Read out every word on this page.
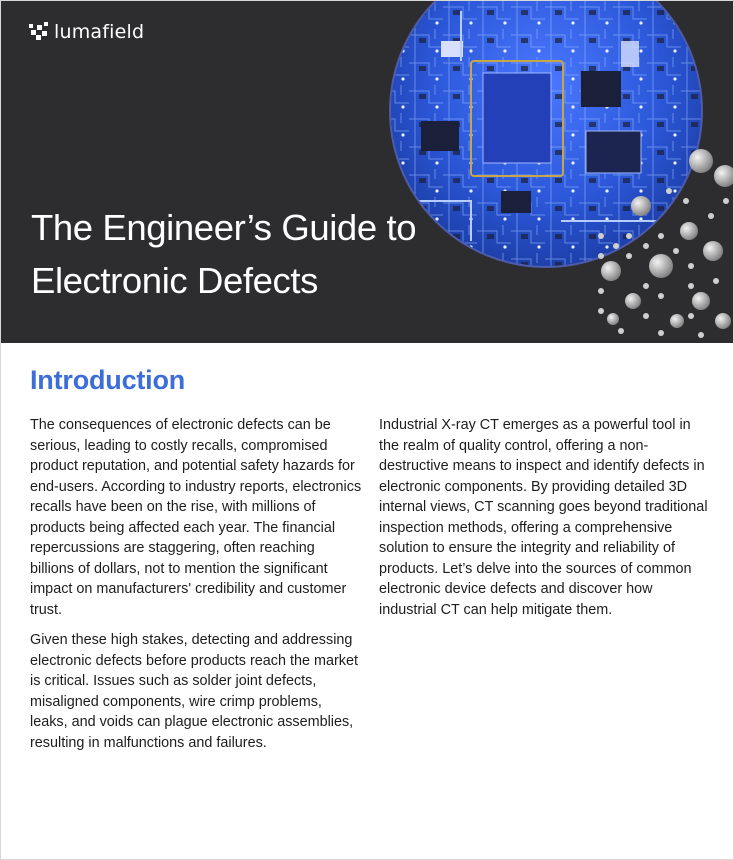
lumafield
The Engineer’s Guide to
Electronic Defects
Introduction

The consequences of electronic defects can be serious, leading to costly recalls, compromised product reputation, and potential safety hazards for end-users. According to industry reports, electronics recalls have been on the rise, with millions of products being affected each year. The financial repercussions are staggering, often reaching billions of dollars, not to mention the significant impact on manufacturers' credibility and customer trust.

Given these high stakes, detecting and addressing electronic defects before products reach the market is critical. Issues such as solder joint defects, misaligned components, wire crimp problems, leaks, and voids can plague electronic assemblies, resulting in malfunctions and failures.

Industrial X-ray CT emerges as a powerful tool in the realm of quality control, offering a non-destructive means to inspect and identify defects in electronic components. By providing detailed 3D internal views, CT scanning goes beyond traditional inspection methods, offering a comprehensive solution to ensure the integrity and reliability of products. Let’s delve into the sources of common electronic device defects and discover how industrial CT can help mitigate them.
